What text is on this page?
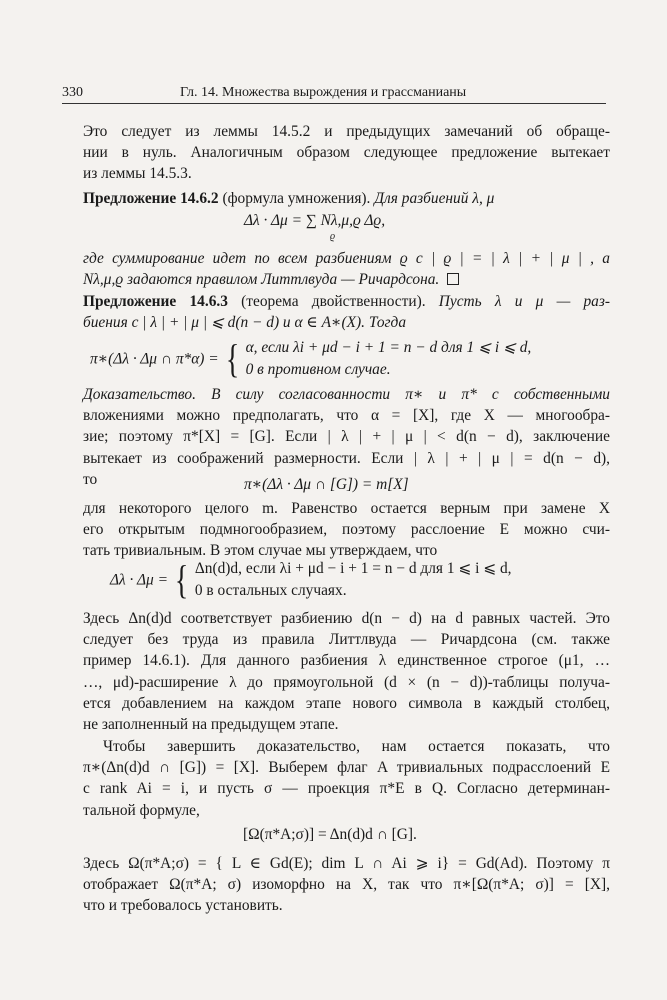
330	Гл. 14. Множества вырождения и грассманианы
Это следует из леммы 14.5.2 и предыдущих замечаний об обраще-
нии в нуль. Аналогичным образом следующее предложение вытекает
из леммы 14.5.3.
Предложение 14.6.2 (формула умножения). Для разбиений λ, μ
Δλ · Δμ = ∑ Nλ,μ,ϱ Δϱ,
ϱ
где суммирование идет по всем разбиениям ϱ с | ϱ | = | λ | + | μ | , а
Nλ,μ,ϱ задаются правилом Литтлвуда — Ричардсона.
Предложение 14.6.3 (теорема двойственности). Пусть λ и μ — раз-
биения с | λ | + | μ | ⩽ d(n − d) и α ∈ A∗(X). Тогда
π∗(Δλ · Δμ ∩ π*α) = { α, если λi + μd − i + 1 = n − d для 1 ⩽ i ⩽ d,
0 в противном случае.
Доказательство. В силу согласованности π∗ и π* с собственными
вложениями можно предполагать, что α = [X], где X — многообра-
зие; поэтому π*[X] = [G]. Если | λ | + | μ | < d(n − d), заключение
вытекает из соображений размерности. Если | λ | + | μ | = d(n − d),
то	π∗(Δλ · Δμ ∩ [G]) = m[X]
для некоторого целого m. Равенство остается верным при замене X
его открытым подмногообразием, поэтому расслоение E можно счи-
тать тривиальным. В этом случае мы утверждаем, что
Δλ · Δμ = { Δn(d)d, если λi + μd − i + 1 = n − d для 1 ⩽ i ⩽ d,
0 в остальных случаях.
Здесь Δn(d)d соответствует разбиению d(n − d) на d равных частей. Это
следует без труда из правила Литтлвуда — Ричардсона (см. также
пример 14.6.1). Для данного разбиения λ единственное строгое (μ1, …
…, μd)-расширение λ до прямоугольной (d × (n − d))-таблицы получа-
ется добавлением на каждом этапе нового символа в каждый столбец,
не заполненный на предыдущем этапе.
Чтобы завершить доказательство, нам остается показать, что
π∗(Δn(d)d ∩ [G]) = [X]. Выберем флаг A тривиальных подрасслоений E
с rank Ai = i, и пусть σ — проекция π*E в Q. Согласно детерминан-
тальной формуле,
[Ω(π*A;σ)] = Δn(d)d ∩ [G].
Здесь Ω(π*A;σ) = { L ∈ Gd(E); dim L ∩ Ai ⩾ i} = Gd(Ad). Поэтому π
отображает Ω(π*A; σ) изоморфно на X, так что π∗[Ω(π*A; σ)] = [X],
что и требовалось установить.
